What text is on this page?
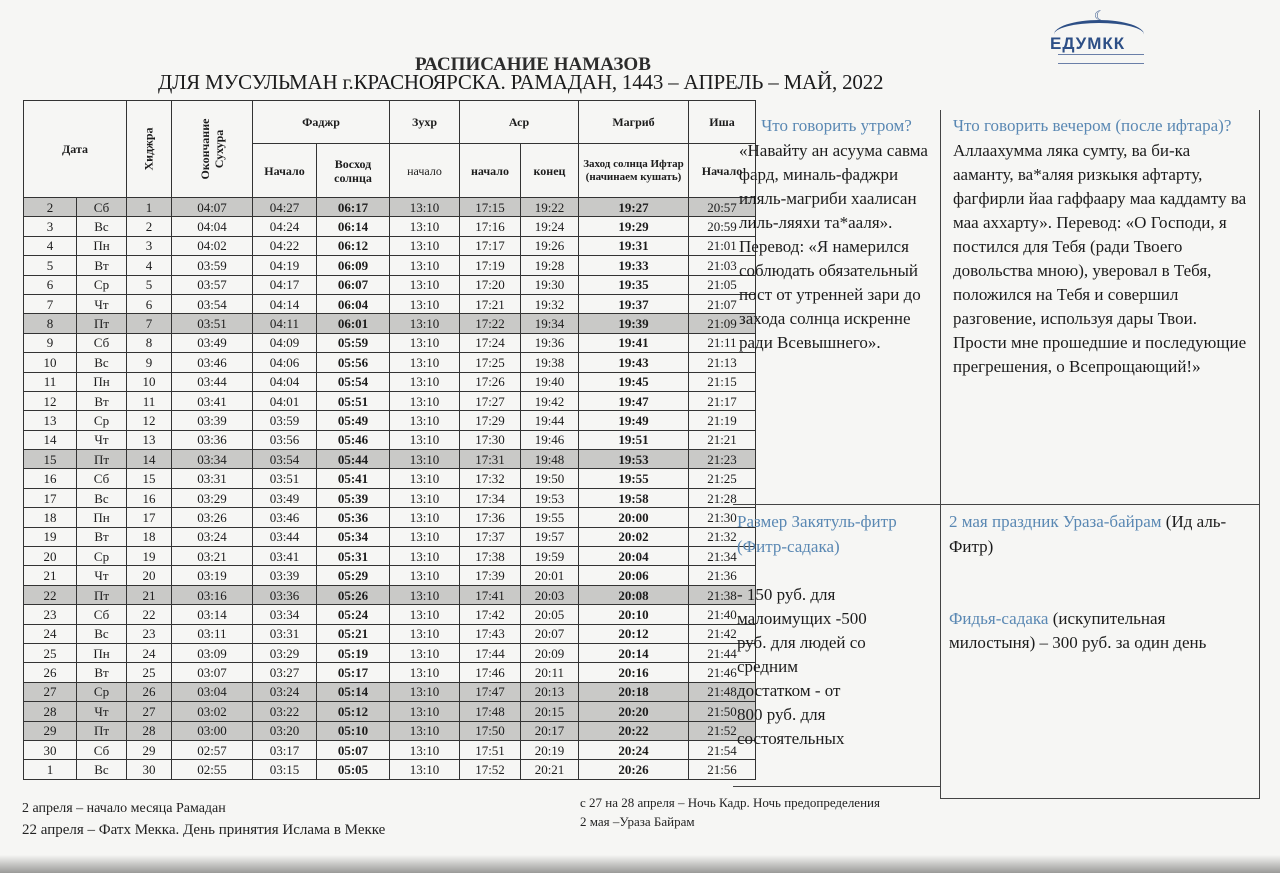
☾
ЕДУМКК
РАСПИСАНИЕ НАМАЗОВ
ДЛЯ МУСУЛЬМАН г.КРАСНОЯРСКА. РАМАДАН, 1443 – АПРЕЛЬ – МАЙ, 2022
Дата		Хиджра	Окончание Сухура	Фаджр		Зухр	Аср		Магриб	Иша
				Начало	Восход солнца	начало	начало	конец	Заход солнца Ифтар (начинаем кушать)	Начало
2	Сб	1	04:07	04:27	06:17	13:10	17:15	19:22	19:27	20:57
3	Вс	2	04:04	04:24	06:14	13:10	17:16	19:24	19:29	20:59
4	Пн	3	04:02	04:22	06:12	13:10	17:17	19:26	19:31	21:01
5	Вт	4	03:59	04:19	06:09	13:10	17:19	19:28	19:33	21:03
6	Ср	5	03:57	04:17	06:07	13:10	17:20	19:30	19:35	21:05
7	Чт	6	03:54	04:14	06:04	13:10	17:21	19:32	19:37	21:07
8	Пт	7	03:51	04:11	06:01	13:10	17:22	19:34	19:39	21:09
9	Сб	8	03:49	04:09	05:59	13:10	17:24	19:36	19:41	21:11
10	Вс	9	03:46	04:06	05:56	13:10	17:25	19:38	19:43	21:13
11	Пн	10	03:44	04:04	05:54	13:10	17:26	19:40	19:45	21:15
12	Вт	11	03:41	04:01	05:51	13:10	17:27	19:42	19:47	21:17
13	Ср	12	03:39	03:59	05:49	13:10	17:29	19:44	19:49	21:19
14	Чт	13	03:36	03:56	05:46	13:10	17:30	19:46	19:51	21:21
15	Пт	14	03:34	03:54	05:44	13:10	17:31	19:48	19:53	21:23
16	Сб	15	03:31	03:51	05:41	13:10	17:32	19:50	19:55	21:25
17	Вс	16	03:29	03:49	05:39	13:10	17:34	19:53	19:58	21:28
18	Пн	17	03:26	03:46	05:36	13:10	17:36	19:55	20:00	21:30
19	Вт	18	03:24	03:44	05:34	13:10	17:37	19:57	20:02	21:32
20	Ср	19	03:21	03:41	05:31	13:10	17:38	19:59	20:04	21:34
21	Чт	20	03:19	03:39	05:29	13:10	17:39	20:01	20:06	21:36
22	Пт	21	03:16	03:36	05:26	13:10	17:41	20:03	20:08	21:38
23	Сб	22	03:14	03:34	05:24	13:10	17:42	20:05	20:10	21:40
24	Вс	23	03:11	03:31	05:21	13:10	17:43	20:07	20:12	21:42
25	Пн	24	03:09	03:29	05:19	13:10	17:44	20:09	20:14	21:44
26	Вт	25	03:07	03:27	05:17	13:10	17:46	20:11	20:16	21:46
27	Ср	26	03:04	03:24	05:14	13:10	17:47	20:13	20:18	21:48
28	Чт	27	03:02	03:22	05:12	13:10	17:48	20:15	20:20	21:50
29	Пт	28	03:00	03:20	05:10	13:10	17:50	20:17	20:22	21:52
30	Сб	29	02:57	03:17	05:07	13:10	17:51	20:19	20:24	21:54
1	Вс	30	02:55	03:15	05:05	13:10	17:52	20:21	20:26	21:56
Что говорить утром?
«Навайту ан асуума савма фард, миналь-фаджри иляль-магриби хаалисан лиль-ляяхи та*ааля». Перевод: «Я намерился соблюдать обязательный пост от утренней зари до захода солнца искренне ради Всевышнего».
Что говорить вечером (после ифтара)?
Аллаахумма ляка сумту, ва би-ка ааманту, ва*аляя ризкыкя афтарту, фагфирли йаа гаффаару маа каддамту ва маа аххарту». Перевод: «О Господи, я постился для Тебя (ради Твоего довольства мною), уверовал в Тебя, положился на Тебя и совершил разговение, используя дары Твои. Прости мне прошедшие и последующие прегрешения, о Всепрощающий!»
Размер Закятуль-фитр (Фитр-садака)
- 150 руб. для малоимущих -500 руб. для людей со средним достатком - от 800 руб. для состоятельных
2 мая праздник Ураза-байрам (Ид аль-Фитр)
Фидья-садака (искупительная милостыня) – 300 руб. за один день
2 апреля – начало месяца Рамадан
22 апреля – Фатх Мекка. День принятия Ислама в Мекке
с 27 на 28 апреля – Ночь Кадр. Ночь предопределения
2 мая –Ураза Байрам
